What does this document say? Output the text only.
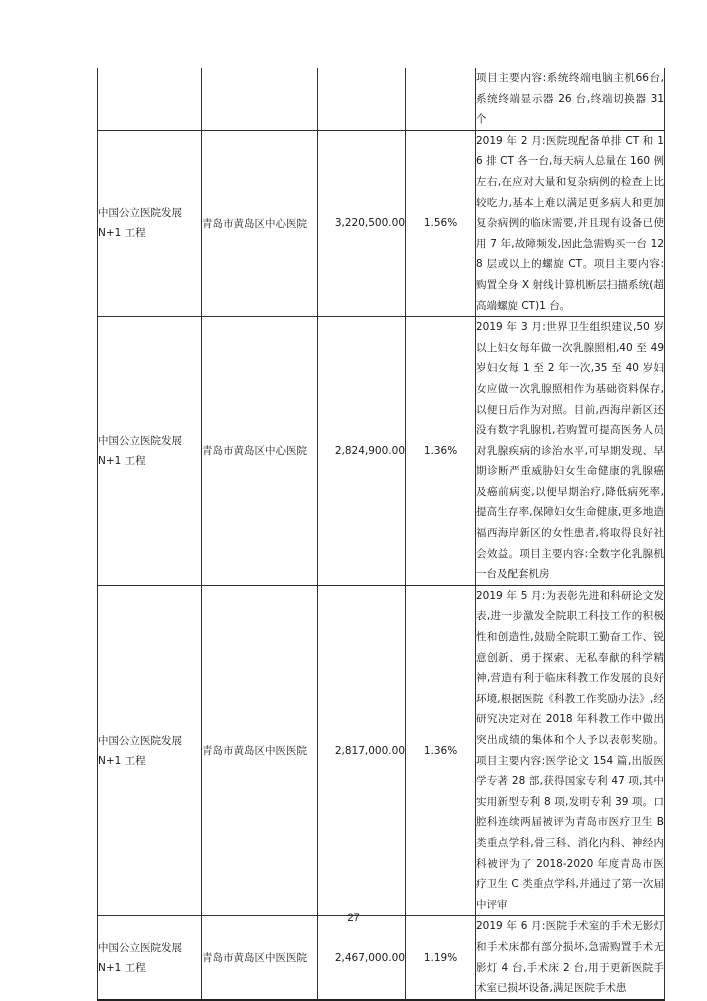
				项目主要内容:系统终端电脑主机66台,系统终端显示器 26 台,终端切换器 31 个
中国公立医院发展 N+1 工程	青岛市黄岛区中心医院	3,220,500.00	1.56%	2019 年 2 月:医院现配备单排 CT 和 16 排 CT 各一台,每天病人总量在 160 例左右,在应对大量和复杂病例的检查上比较吃力,基本上难以满足更多病人和更加复杂病例的临床需要,并且现有设备已使用 7 年,故障频发,因此急需购买一台 128 层或以上的螺旋 CT。项目主要内容:购置全身 X 射线计算机断层扫描系统(超高端螺旋 CT)1 台。
中国公立医院发展 N+1 工程	青岛市黄岛区中心医院	2,824,900.00	1.36%	2019 年 3 月:世界卫生组织建议,50 岁以上妇女每年做一次乳腺照相,40 至 49 岁妇女每 1 至 2 年一次,35 至 40 岁妇女应做一次乳腺照相作为基础资料保存,以便日后作为对照。目前,西海岸新区还没有数字乳腺机,若购置可提高医务人员对乳腺疾病的诊治水平,可早期发现、早期诊断严重威胁妇女生命健康的乳腺癌及癌前病变,以便早期治疗,降低病死率,提高生存率,保障妇女生命健康,更多地造福西海岸新区的女性患者,将取得良好社会效益。项目主要内容:全数字化乳腺机一台及配套机房
中国公立医院发展 N+1 工程	青岛市黄岛区中医医院	2,817,000.00	1.36%	2019 年 5 月:为表彰先进和科研论文发表,进一步激发全院职工科技工作的积极性和创造性,鼓励全院职工勤奋工作、锐意创新、勇于探索、无私奉献的科学精神,营造有利于临床科教工作发展的良好环境,根据医院《科教工作奖励办法》,经研究决定对在 2018 年科教工作中做出突出成绩的集体和个人予以表彰奖励。项目主要内容:医学论文 154 篇,出版医学专著 28 部,获得国家专利 47 项,其中实用新型专利 8 项,发明专利 39 项。口腔科连续两届被评为青岛市医疗卫生 B 类重点学科,骨三科、消化内科、神经内科被评为了 2018-2020 年度青岛市医疗卫生 C 类重点学科,并通过了第一次届中评审
中国公立医院发展 N+1 工程	青岛市黄岛区中医医院	2,467,000.00	1.19%	2019 年 6 月:医院手术室的手术无影灯和手术床都有部分损坏,急需购置手术无影灯 4 台,手术床 2 台,用于更新医院手术室已损坏设备,满足医院手术患
27
